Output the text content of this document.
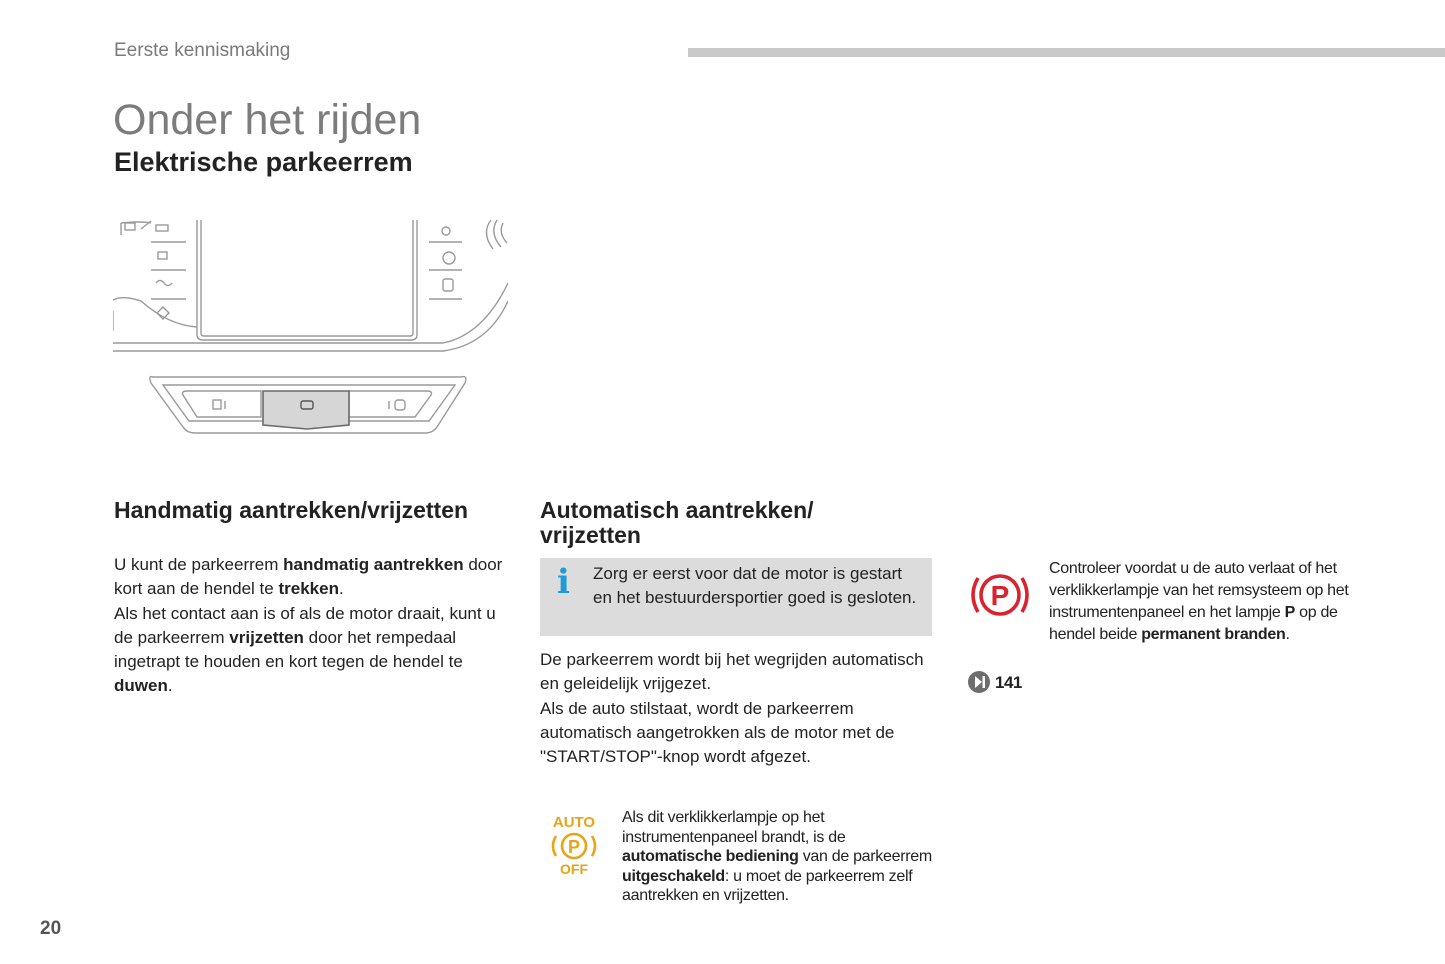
Eerste kennismaking
Onder het rijden
Elektrische parkeerrem
Handmatig aantrekken/vrijzetten
U kunt de parkeerrem handmatig aantrekken door kort aan de hendel te trekken.
Als het contact aan is of als de motor draait, kunt u de parkeerrem vrijzetten door het rempedaal ingetrapt te houden en kort tegen de hendel te duwen.
Automatisch aantrekken/
vrijzetten
i Zorg er eerst voor dat de motor is gestart en het bestuurdersportier goed is gesloten.
De parkeerrem wordt bij het wegrijden automatisch en geleidelijk vrijgezet.
Als de auto stilstaat, wordt de parkeerrem automatisch aangetrokken als de motor met de "START/STOP"-knop wordt afgezet.
AUTO
P
OFF
Als dit verklikkerlampje op het instrumentenpaneel brandt, is de automatische bediening van de parkeerrem uitgeschakeld: u moet de parkeerrem zelf aantrekken en vrijzetten.
P
Controleer voordat u de auto verlaat of het verklikkerlampje van het remsysteem op het instrumentenpaneel en het lampje P op de hendel beide permanent branden.
141
20
